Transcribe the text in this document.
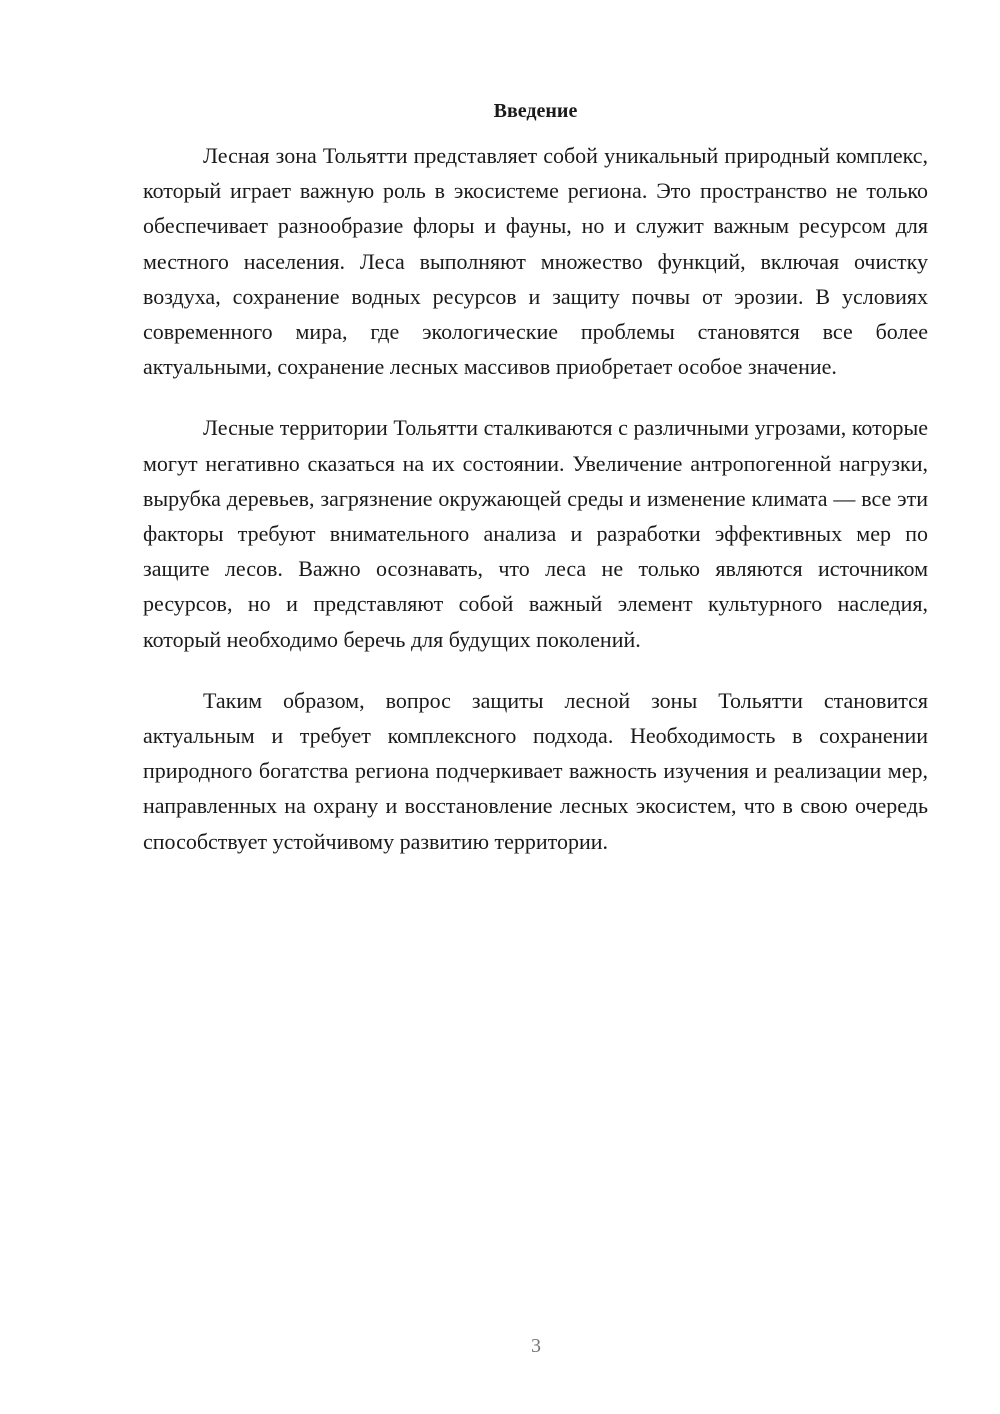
Введение

Лесная зона Тольятти представляет собой уникальный природный комплекс, который играет важную роль в экосистеме региона. Это пространство не только обеспечивает разнообразие флоры и фауны, но и служит важным ресурсом для местного населения. Леса выполняют множество функций, включая очистку воздуха, сохранение водных ресурсов и защиту почвы от эрозии. В условиях современного мира, где экологические проблемы становятся все более актуальными, сохранение лесных массивов приобретает особое значение.

Лесные территории Тольятти сталкиваются с различными угрозами, которые могут негативно сказаться на их состоянии. Увеличение антропогенной нагрузки, вырубка деревьев, загрязнение окружающей среды и изменение климата — все эти факторы требуют внимательного анализа и разработки эффективных мер по защите лесов. Важно осознавать, что леса не только являются источником ресурсов, но и представляют собой важный элемент культурного наследия, который необходимо беречь для будущих поколений.

Таким образом, вопрос защиты лесной зоны Тольятти становится актуальным и требует комплексного подхода. Необходимость в сохранении природного богатства региона подчеркивает важность изучения и реализации мер, направленных на охрану и восстановление лесных экосистем, что в свою очередь способствует устойчивому развитию территории.

3
